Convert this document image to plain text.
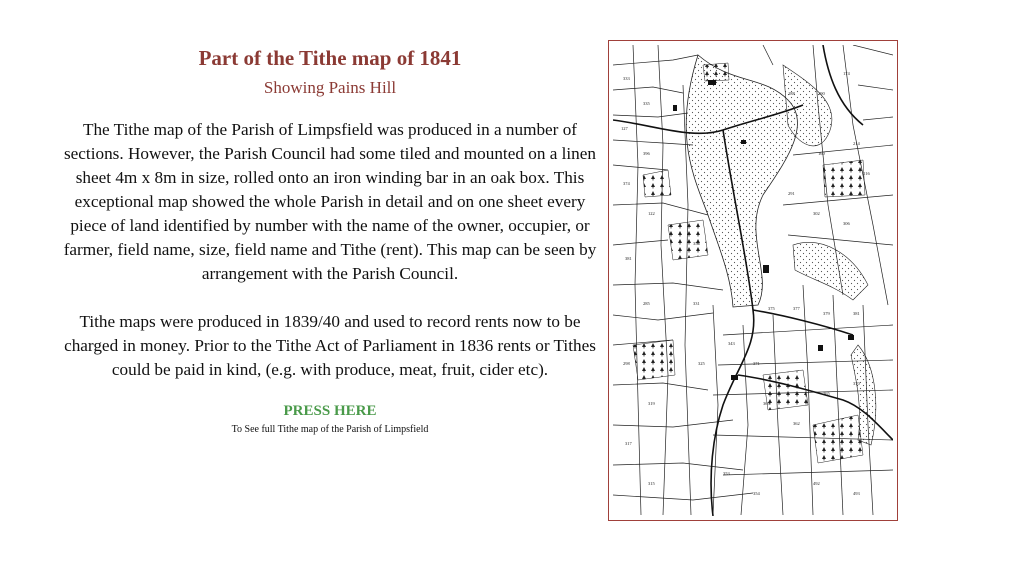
Part of the Tithe map of 1841
Showing Pains Hill
The Tithe map of the Parish of Limpsfield was produced in a number of sections. However, the Parish Council had some tiled and mounted on a linen sheet 4m x 8m in size, rolled onto an iron winding bar in an oak box. This exceptional map showed the whole Parish in detail and on one sheet every piece of land identified by number with the name of the owner, occupier, or farmer, field name, size, field name and Tithe (rent). This map can be seen by arrangement with the Parish Council.
Tithe maps were produced in 1839/40 and used to record rents now to be charged in money. Prior to the Tithe Act of Parliament in 1836 rents or Tithes could be paid in kind, (e.g. with produce, meat, fruit, cider etc).
PRESS HERE
To See full Tithe map of the Parish of Limpsfield
333
335
127
396
374
122
381
285
298
319
317
315
356
331
325
343
371
369
362
365
370
291
302
306
160
214
216
188	190
174
375	377
379	381
353
354
492
493
